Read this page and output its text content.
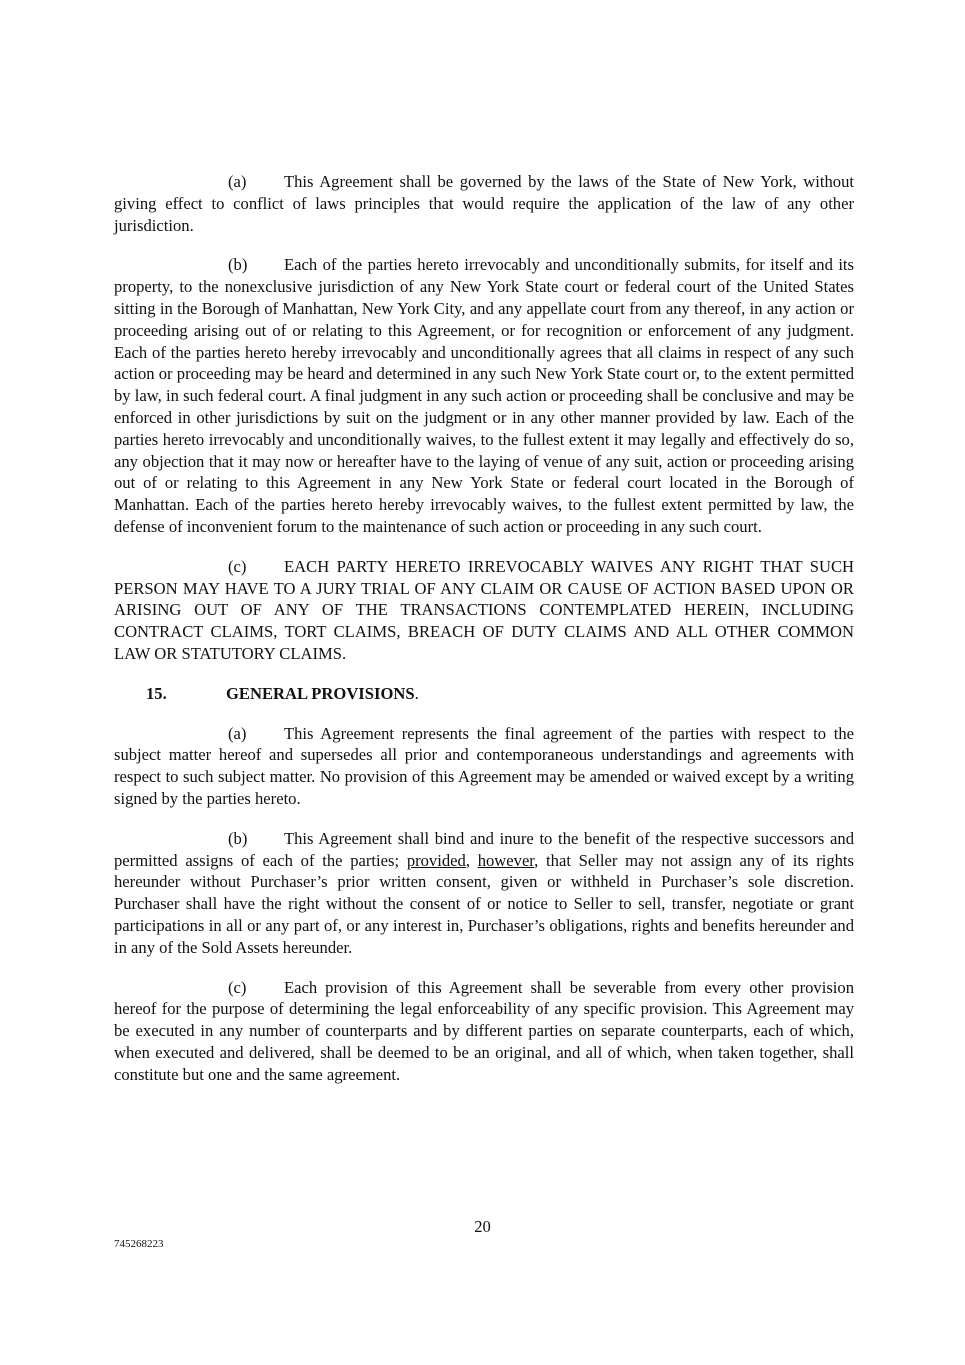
(a) This Agreement shall be governed by the laws of the State of New York, without giving effect to conflict of laws principles that would require the application of the law of any other jurisdiction.

(b) Each of the parties hereto irrevocably and unconditionally submits, for itself and its property, to the nonexclusive jurisdiction of any New York State court or federal court of the United States sitting in the Borough of Manhattan, New York City, and any appellate court from any thereof, in any action or proceeding arising out of or relating to this Agreement, or for recognition or enforcement of any judgment. Each of the parties hereto hereby irrevocably and unconditionally agrees that all claims in respect of any such action or proceeding may be heard and determined in any such New York State court or, to the extent permitted by law, in such federal court. A final judgment in any such action or proceeding shall be conclusive and may be enforced in other jurisdictions by suit on the judgment or in any other manner provided by law. Each of the parties hereto irrevocably and unconditionally waives, to the fullest extent it may legally and effectively do so, any objection that it may now or hereafter have to the laying of venue of any suit, action or proceeding arising out of or relating to this Agreement in any New York State or federal court located in the Borough of Manhattan. Each of the parties hereto hereby irrevocably waives, to the fullest extent permitted by law, the defense of inconvenient forum to the maintenance of such action or proceeding in any such court.

(c) EACH PARTY HERETO IRREVOCABLY WAIVES ANY RIGHT THAT SUCH PERSON MAY HAVE TO A JURY TRIAL OF ANY CLAIM OR CAUSE OF ACTION BASED UPON OR ARISING OUT OF ANY OF THE TRANSACTIONS CONTEMPLATED HEREIN, INCLUDING CONTRACT CLAIMS, TORT CLAIMS, BREACH OF DUTY CLAIMS AND ALL OTHER COMMON LAW OR STATUTORY CLAIMS.

15.	GENERAL PROVISIONS.

(a) This Agreement represents the final agreement of the parties with respect to the subject matter hereof and supersedes all prior and contemporaneous understandings and agreements with respect to such subject matter. No provision of this Agreement may be amended or waived except by a writing signed by the parties hereto.

(b) This Agreement shall bind and inure to the benefit of the respective successors and permitted assigns of each of the parties; provided, however, that Seller may not assign any of its rights hereunder without Purchaser’s prior written consent, given or withheld in Purchaser’s sole discretion. Purchaser shall have the right without the consent of or notice to Seller to sell, transfer, negotiate or grant participations in all or any part of, or any interest in, Purchaser’s obligations, rights and benefits hereunder and in any of the Sold Assets hereunder.

(c) Each provision of this Agreement shall be severable from every other provision hereof for the purpose of determining the legal enforceability of any specific provision. This Agreement may be executed in any number of counterparts and by different parties on separate counterparts, each of which, when executed and delivered, shall be deemed to be an original, and all of which, when taken together, shall constitute but one and the same agreement.

20
745268223
